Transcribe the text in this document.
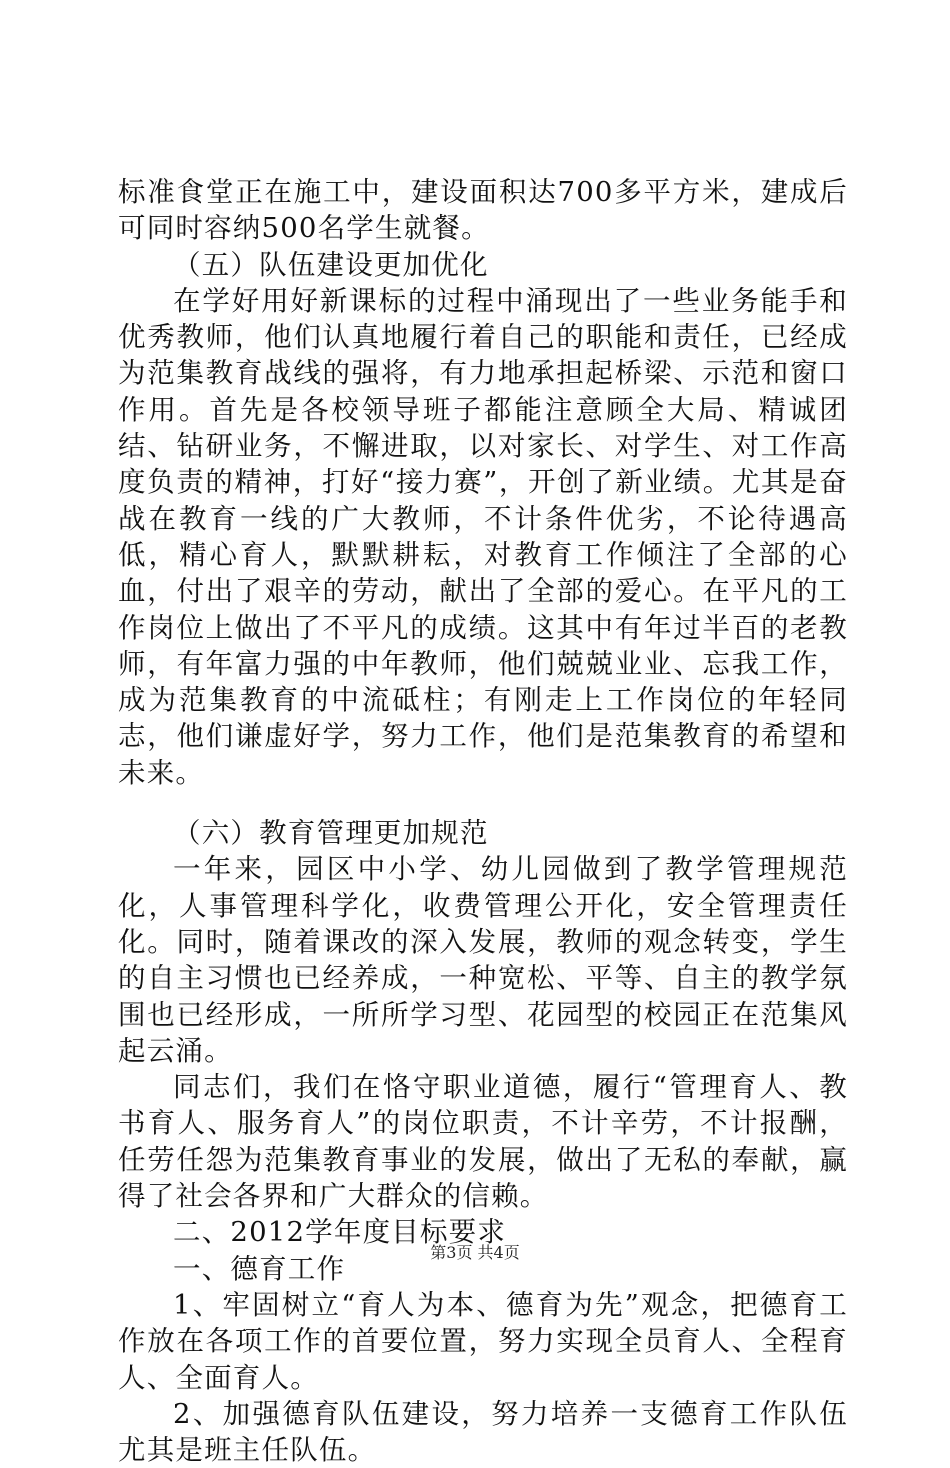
标准食堂正在施工中，建设面积达700多平方米，建成后可同时容纳500名学生就餐。

（五）队伍建设更加优化

在学好用好新课标的过程中涌现出了一些业务能手和优秀教师，他们认真地履行着自己的职能和责任，已经成为范集教育战线的强将，有力地承担起桥梁、示范和窗口作用。首先是各校领导班子都能注意顾全大局、精诚团结、钻研业务，不懈进取，以对家长、对学生、对工作高度负责的精神，打好“接力赛”，开创了新业绩。尤其是奋战在教育一线的广大教师，不计条件优劣，不论待遇高低，精心育人，默默耕耘，对教育工作倾注了全部的心血，付出了艰辛的劳动，献出了全部的爱心。在平凡的工作岗位上做出了不平凡的成绩。这其中有年过半百的老教师，有年富力强的中年教师，他们兢兢业业、忘我工作，成为范集教育的中流砥柱；有刚走上工作岗位的年轻同志，他们谦虚好学，努力工作，他们是范集教育的希望和未来。

（六）教育管理更加规范

一年来，园区中小学、幼儿园做到了教学管理规范化，人事管理科学化，收费管理公开化，安全管理责任化。同时，随着课改的深入发展，教师的观念转变，学生的自主习惯也已经养成，一种宽松、平等、自主的教学氛围也已经形成，一所所学习型、花园型的校园正在范集风起云涌。

同志们，我们在恪守职业道德，履行“管理育人、教书育人、服务育人”的岗位职责，不计辛劳，不计报酬，任劳任怨为范集教育事业的发展，做出了无私的奉献，赢得了社会各界和广大群众的信赖。

二、2012学年度目标要求

一、德育工作

1、牢固树立“育人为本、德育为先”观念，把德育工作放在各项工作的首要位置，努力实现全员育人、全程育人、全面育人。

2、加强德育队伍建设，努力培养一支德育工作队伍尤其是班主任队伍。

第3页 共4页
